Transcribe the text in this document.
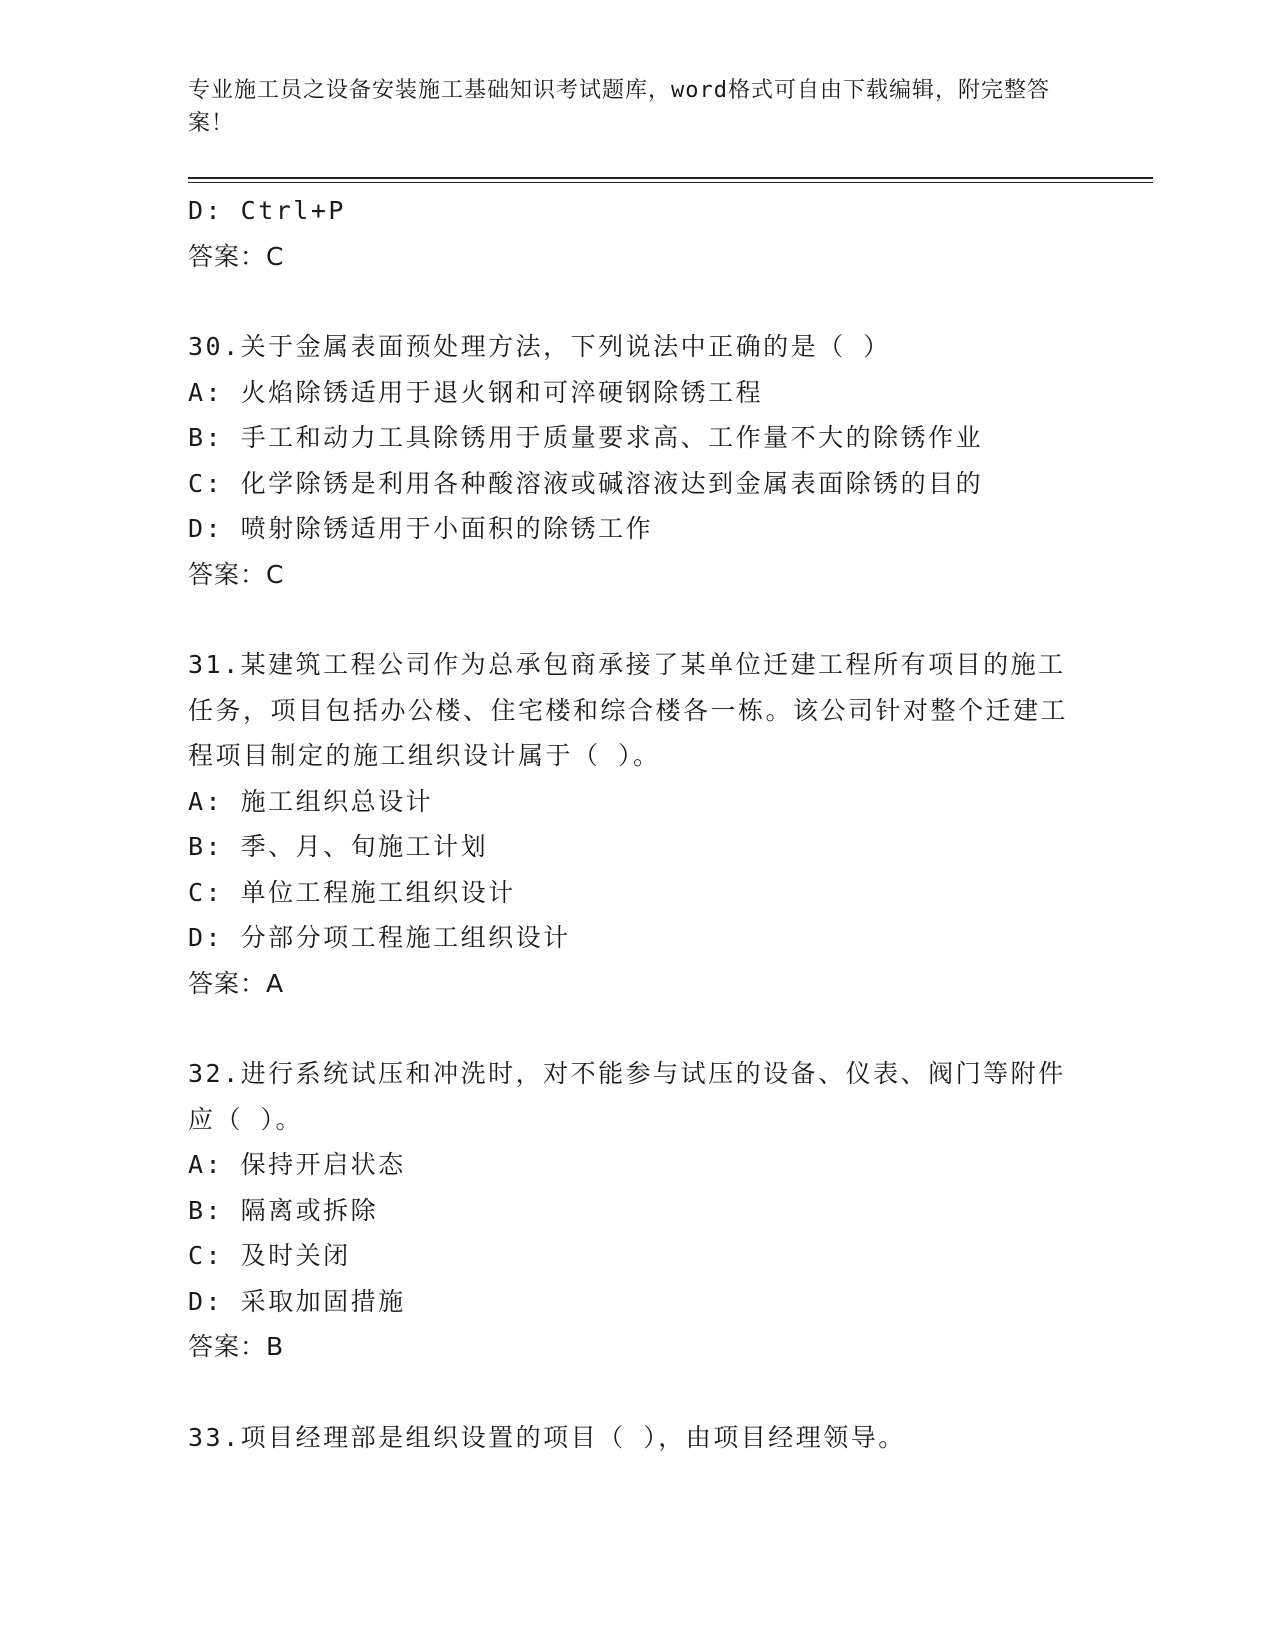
专业施工员之设备安装施工基础知识考试题库，word格式可自由下载编辑，附完整答案！
D: Ctrl+P
答案：C
30.关于金属表面预处理方法，下列说法中正确的是（ ）
A: 火焰除锈适用于退火钢和可淬硬钢除锈工程
B: 手工和动力工具除锈用于质量要求高、工作量不大的除锈作业
C: 化学除锈是利用各种酸溶液或碱溶液达到金属表面除锈的目的
D: 喷射除锈适用于小面积的除锈工作
答案：C
31.某建筑工程公司作为总承包商承接了某单位迁建工程所有项目的施工任务，项目包括办公楼、住宅楼和综合楼各一栋。该公司针对整个迁建工程项目制定的施工组织设计属于（ ）。
A: 施工组织总设计
B: 季、月、旬施工计划
C: 单位工程施工组织设计
D: 分部分项工程施工组织设计
答案：A
32.进行系统试压和冲洗时，对不能参与试压的设备、仪表、阀门等附件应（ ）。
A: 保持开启状态
B: 隔离或拆除
C: 及时关闭
D: 采取加固措施
答案：B
33.项目经理部是组织设置的项目（ ），由项目经理领导。
